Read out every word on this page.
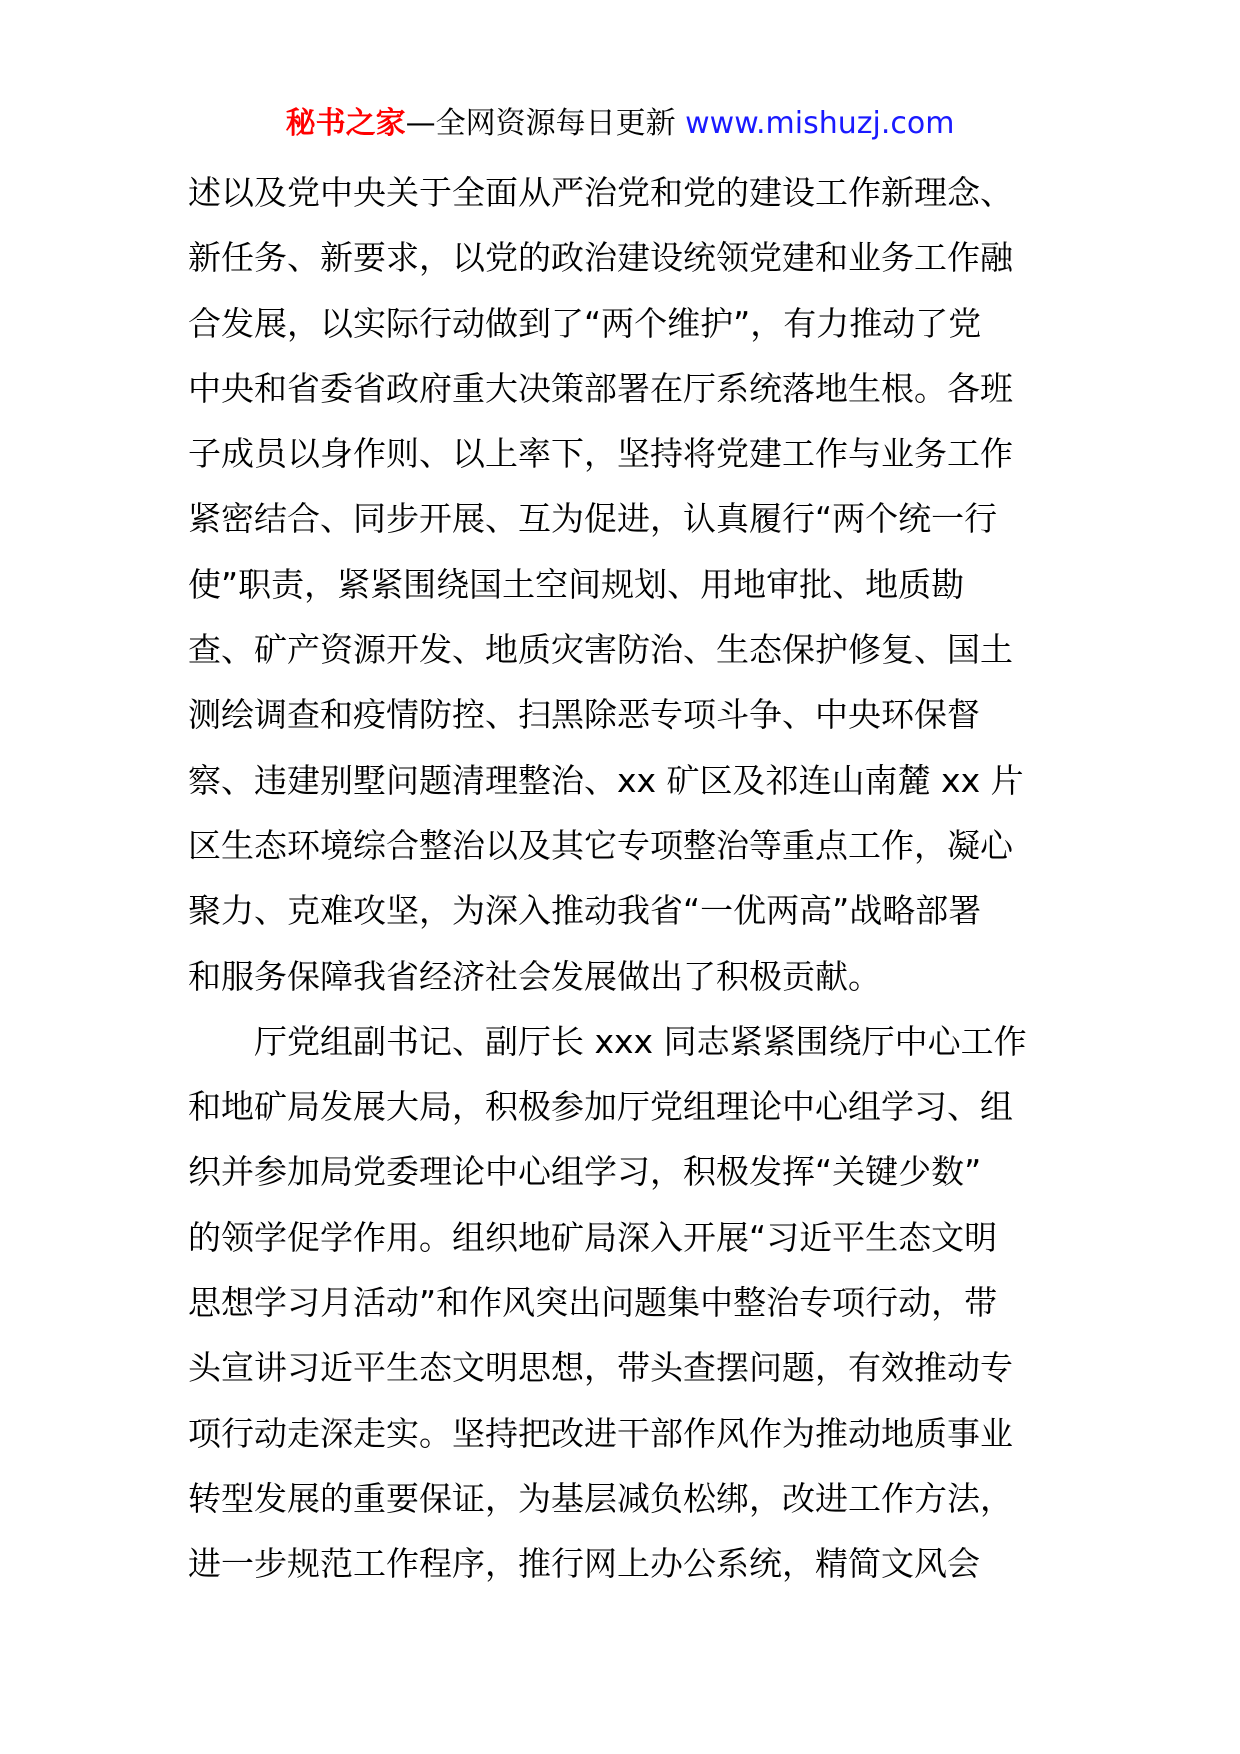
秘书之家—全网资源每日更新 www.mishuzj.com
述以及党中央关于全面从严治党和党的建设工作新理念、
新任务、新要求，以党的政治建设统领党建和业务工作融
合发展，以实际行动做到了“两个维护”，有力推动了党
中央和省委省政府重大决策部署在厅系统落地生根。各班
子成员以身作则、以上率下，坚持将党建工作与业务工作
紧密结合、同步开展、互为促进，认真履行“两个统一行
使”职责，紧紧围绕国土空间规划、用地审批、地质勘
查、矿产资源开发、地质灾害防治、生态保护修复、国土
测绘调查和疫情防控、扫黑除恶专项斗争、中央环保督
察、违建别墅问题清理整治、xx 矿区及祁连山南麓 xx 片
区生态环境综合整治以及其它专项整治等重点工作，凝心
聚力、克难攻坚，为深入推动我省“一优两高”战略部署
和服务保障我省经济社会发展做出了积极贡献。
厅党组副书记、副厅长 xxx 同志紧紧围绕厅中心工作
和地矿局发展大局，积极参加厅党组理论中心组学习、组
织并参加局党委理论中心组学习，积极发挥“关键少数”
的领学促学作用。组织地矿局深入开展“习近平生态文明
思想学习月活动”和作风突出问题集中整治专项行动，带
头宣讲习近平生态文明思想，带头查摆问题，有效推动专
项行动走深走实。坚持把改进干部作风作为推动地质事业
转型发展的重要保证，为基层减负松绑，改进工作方法，
进一步规范工作程序，推行网上办公系统，精简文风会
